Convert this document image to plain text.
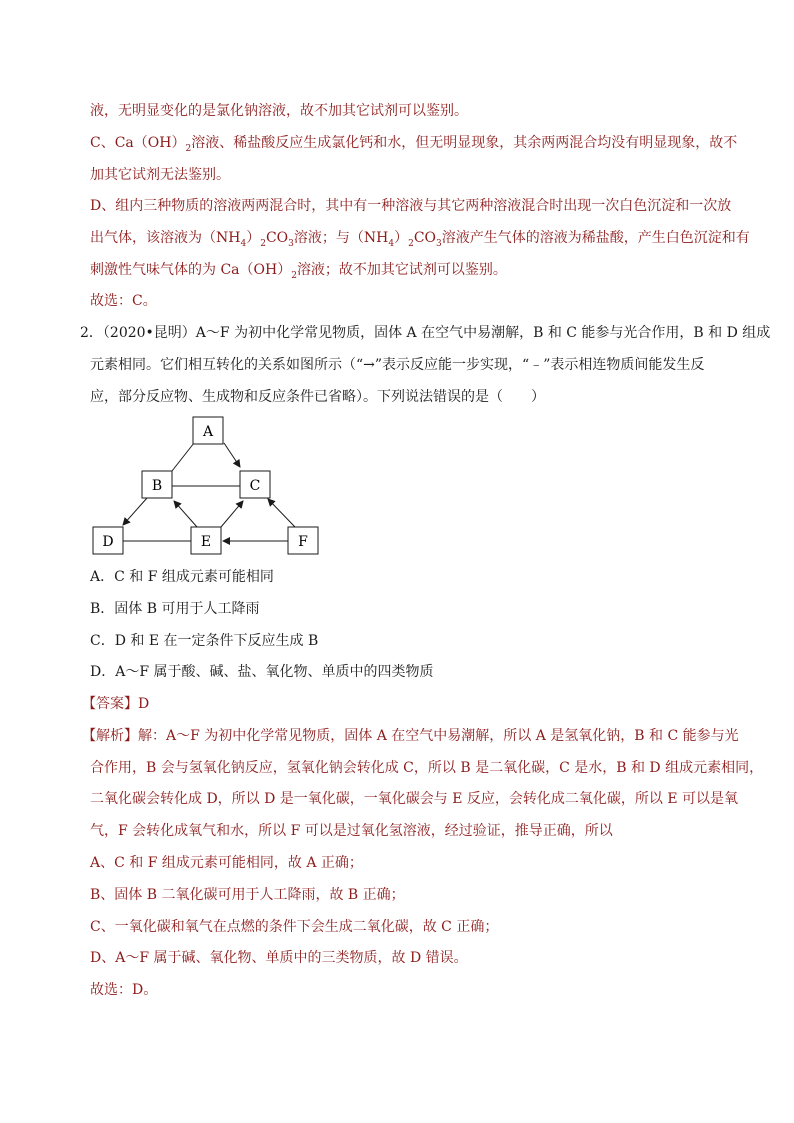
液，无明显变化的是氯化钠溶液，故不加其它试剂可以鉴别。
C、$Ca(OH)_2$溶液、稀盐酸反应生成氯化钙和水，但无明显现象，其余两两混合均没有明显现象，故不
加其它试剂无法鉴别。
D、组内三种物质的溶液两两混合时，其中有一种溶液与其它两种溶液混合时出现一次白色沉淀和一次放
出气体，该溶液为$(NH_4)_2CO_3$溶液；与$(NH_4)_2CO_3$溶液产生气体的溶液为稀盐酸，产生白色沉淀和有
刺激性气味气体的为 $Ca(OH)_2$溶液；故不加其它试剂可以鉴别。
故选：C。
2．（2020•昆明）A～F 为初中化学常见物质，固体 A 在空气中易潮解，B 和 C 能参与光合作用，B 和 D 组成
元素相同。它们相互转化的关系如图所示（“→”表示反应能一步实现，“﹣”表示相连物质间能发生反
应，部分反应物、生成物和反应条件已省略）。下列说法错误的是（　　）
A
B	C
D	E	F
A．C 和 F 组成元素可能相同
B．固体 B 可用于人工降雨
C．D 和 E 在一定条件下反应生成 B
D．A～F 属于酸、碱、盐、氧化物、单质中的四类物质
【答案】D
【解析】解：A～F 为初中化学常见物质，固体 A 在空气中易潮解，所以 A 是氢氧化钠，B 和 C 能参与光
合作用，B 会与氢氧化钠反应，氢氧化钠会转化成 C，所以 B 是二氧化碳，C 是水，B 和 D 组成元素相同，
二氧化碳会转化成 D，所以 D 是一氧化碳，一氧化碳会与 E 反应，会转化成二氧化碳，所以 E 可以是氧
气，F 会转化成氧气和水，所以 F 可以是过氧化氢溶液，经过验证，推导正确，所以
A、C 和 F 组成元素可能相同，故 A 正确；
B、固体 B 二氧化碳可用于人工降雨，故 B 正确；
C、一氧化碳和氧气在点燃的条件下会生成二氧化碳，故 C 正确；
D、A～F 属于碱、氧化物、单质中的三类物质，故 D 错误。
故选：D。
